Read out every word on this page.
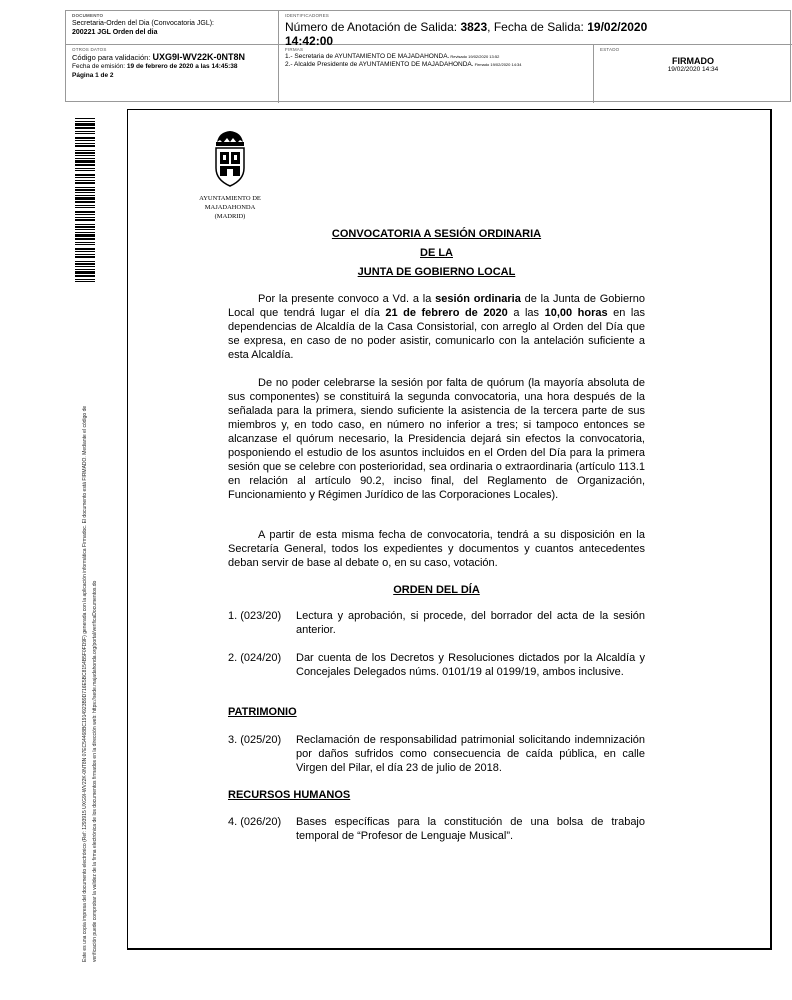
DOCUMENTO
Secretaria-Orden del Dia (Convocatoria JGL):
200221 JGL Orden del dia
IDENTIFICADORES
Número de Anotación de Salida: 3823, Fecha de Salida: 19/02/2020
14:42:00
OTROS DATOS
Código para validación: UXG9I-WV22K-0NT8N
Fecha de emisión: 19 de febrero de 2020 a las 14:45:38
Página 1 de 2
FIRMAS
1.- Secretaria de AYUNTAMIENTO DE MAJADAHONDA.Revisado 19/02/2020 13:52
2.- Alcalde Presidente de AYUNTAMIENTO DE MAJADAHONDA.Firmado 19/02/2020 14:34
ESTADO
FIRMADO
19/02/2020 14:34
Este es una copia impresa del documento electrónico (Ref: 1293915 UXG9I-WV22K-0NT8N 07EC54468BC1914923B9D716E5BC8154B5F0FD9F) generada con la aplicación informática Firmadoc. El documento está FIRMADO. Mediante el código de verificación puede comprobar la validez de la firma electrónica de los documentos firmados en la dirección web: https://sede.majadahonda.org/portal/verificaDocumentos.do
AYUNTAMIENTO DE
MAJADAHONDA
(MADRID)
CONVOCATORIA A SESIÓN ORDINARIA
DE LA
JUNTA DE GOBIERNO LOCAL
Por la presente convoco a Vd. a la sesión ordinaria de la Junta de Gobierno Local que tendrá lugar el día 21 de febrero de 2020 a las 10,00 horas en las dependencias de Alcaldía de la Casa Consistorial, con arreglo al Orden del Día que se expresa, en caso de no poder asistir, comunicarlo con la antelación suficiente a esta Alcaldía.
De no poder celebrarse la sesión por falta de quórum (la mayoría absoluta de sus componentes) se constituirá la segunda convocatoria, una hora después de la señalada para la primera, siendo suficiente la asistencia de la tercera parte de sus miembros y, en todo caso, en número no inferior a tres; si tampoco entonces se alcanzase el quórum necesario, la Presidencia dejará sin efectos la convocatoria, posponiendo el estudio de los asuntos incluidos en el Orden del Día para la primera sesión que se celebre con posterioridad, sea ordinaria o extraordinaria (artículo 113.1 en relación al artículo 90.2, inciso final, del Reglamento de Organización, Funcionamiento y Régimen Jurídico de las Corporaciones Locales).
A partir de esta misma fecha de convocatoria, tendrá a su disposición en la Secretaría General, todos los expedientes y documentos y cuantos antecedentes deban servir de base al debate o, en su caso, votación.
ORDEN DEL DÍA
1. (023/20) Lectura y aprobación, si procede, del borrador del acta de la sesión anterior.
2. (024/20) Dar cuenta de los Decretos y Resoluciones dictados por la Alcaldía y Concejales Delegados núms. 0101/19 al 0199/19, ambos inclusive.
PATRIMONIO
3. (025/20) Reclamación de responsabilidad patrimonial solicitando indemnización por daños sufridos como consecuencia de caída pública, en calle Virgen del Pilar, el día 23 de julio de 2018.
RECURSOS HUMANOS
4. (026/20) Bases específicas para la constitución de una bolsa de trabajo temporal de “Profesor de Lenguaje Musical”.
